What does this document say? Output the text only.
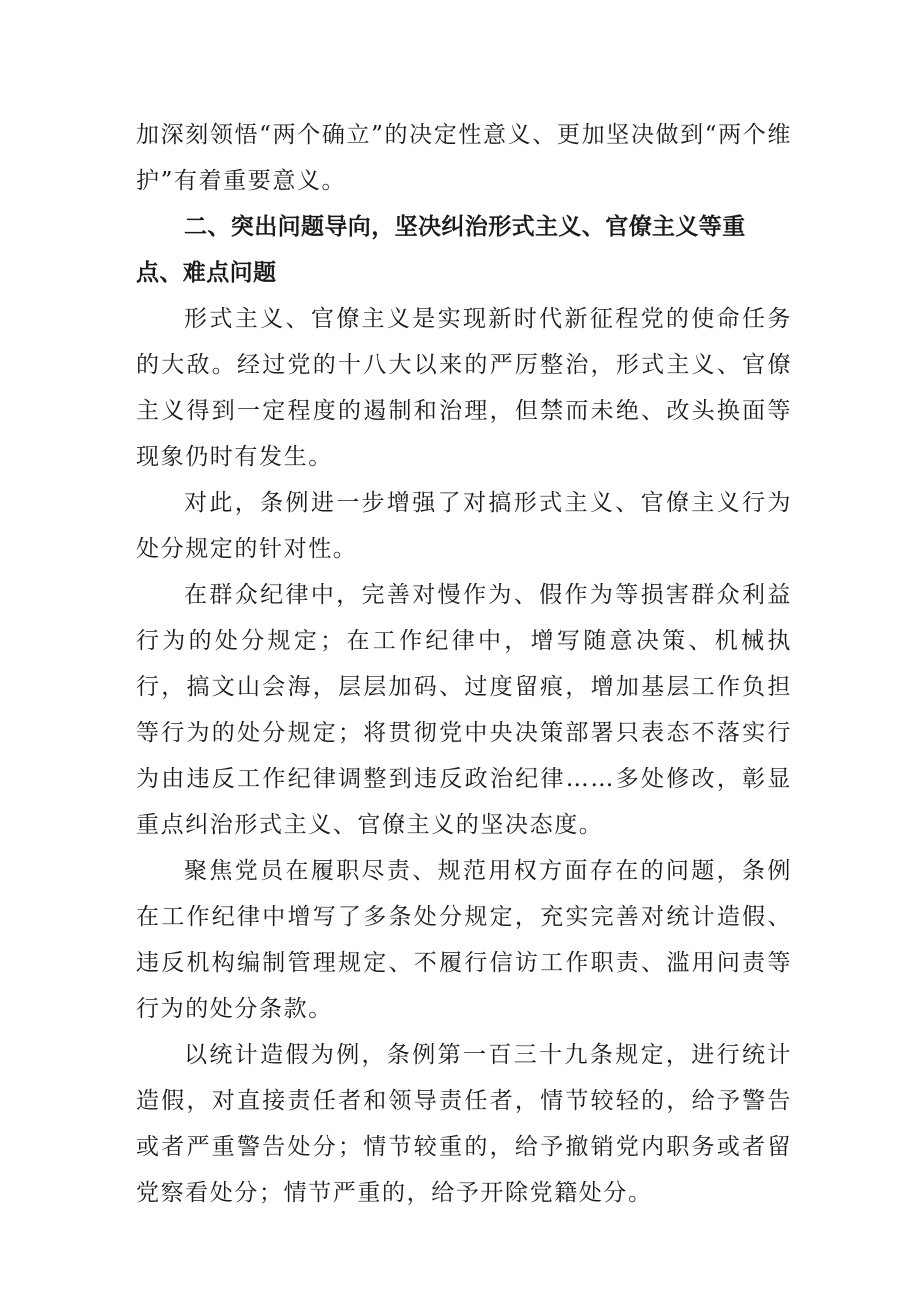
加深刻领悟“两个确立”的决定性意义、更加坚决做到“两个维护”有着重要意义。

二、突出问题导向，坚决纠治形式主义、官僚主义等重点、难点问题

形式主义、官僚主义是实现新时代新征程党的使命任务的大敌。经过党的十八大以来的严厉整治，形式主义、官僚主义得到一定程度的遏制和治理，但禁而未绝、改头换面等现象仍时有发生。

对此，条例进一步增强了对搞形式主义、官僚主义行为处分规定的针对性。

在群众纪律中，完善对慢作为、假作为等损害群众利益行为的处分规定；在工作纪律中，增写随意决策、机械执行，搞文山会海，层层加码、过度留痕，增加基层工作负担等行为的处分规定；将贯彻党中央决策部署只表态不落实行为由违反工作纪律调整到违反政治纪律……多处修改，彰显重点纠治形式主义、官僚主义的坚决态度。

聚焦党员在履职尽责、规范用权方面存在的问题，条例在工作纪律中增写了多条处分规定，充实完善对统计造假、违反机构编制管理规定、不履行信访工作职责、滥用问责等行为的处分条款。

以统计造假为例，条例第一百三十九条规定，进行统计造假，对直接责任者和领导责任者，情节较轻的，给予警告或者严重警告处分；情节较重的，给予撤销党内职务或者留党察看处分；情节严重的，给予开除党籍处分。
